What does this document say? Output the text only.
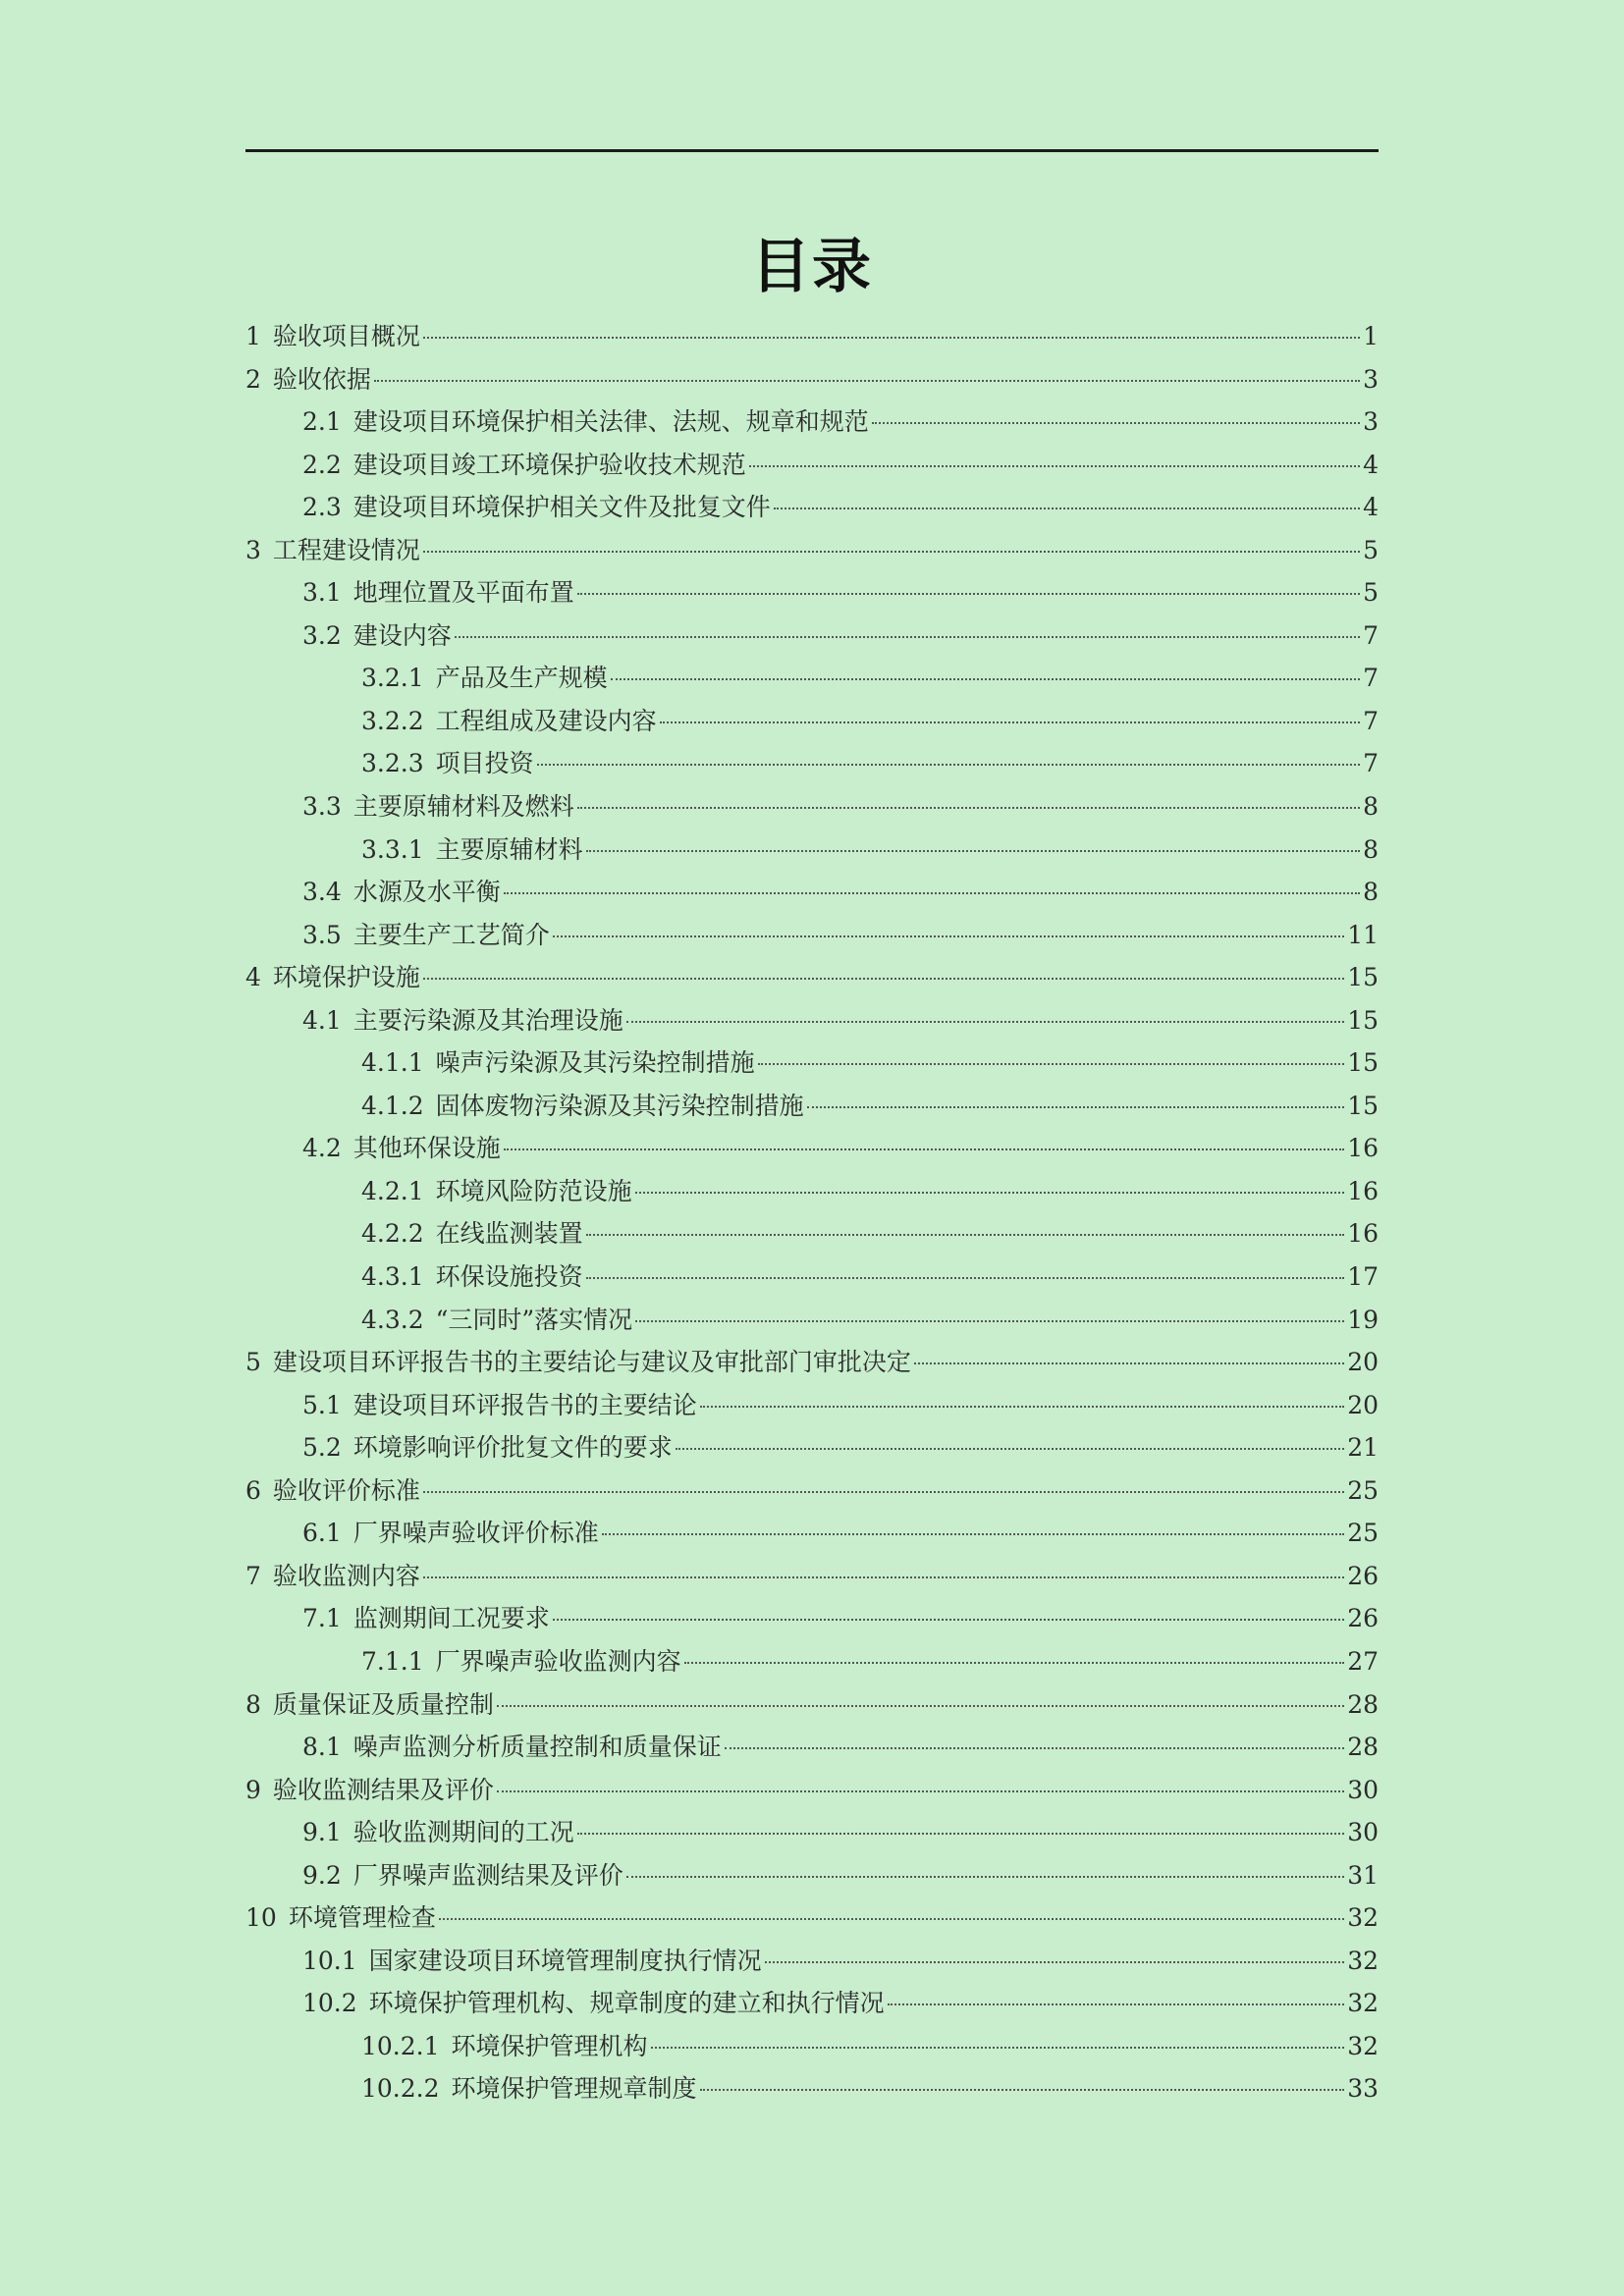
目录
1 验收项目概况	1
2 验收依据	3
2.1 建设项目环境保护相关法律、法规、规章和规范	3
2.2 建设项目竣工环境保护验收技术规范	4
2.3 建设项目环境保护相关文件及批复文件	4
3 工程建设情况	5
3.1 地理位置及平面布置	5
3.2 建设内容	7
3.2.1 产品及生产规模	7
3.2.2 工程组成及建设内容	7
3.2.3 项目投资	7
3.3 主要原辅材料及燃料	8
3.3.1 主要原辅材料	8
3.4 水源及水平衡	8
3.5 主要生产工艺简介	11
4 环境保护设施	15
4.1 主要污染源及其治理设施	15
4.1.1 噪声污染源及其污染控制措施	15
4.1.2 固体废物污染源及其污染控制措施	15
4.2 其他环保设施	16
4.2.1 环境风险防范设施	16
4.2.2 在线监测装置	16
4.3.1 环保设施投资	17
4.3.2 “三同时”落实情况	19
5 建设项目环评报告书的主要结论与建议及审批部门审批决定	20
5.1 建设项目环评报告书的主要结论	20
5.2 环境影响评价批复文件的要求	21
6 验收评价标准	25
6.1 厂界噪声验收评价标准	25
7 验收监测内容	26
7.1 监测期间工况要求	26
7.1.1 厂界噪声验收监测内容	27
8 质量保证及质量控制	28
8.1 噪声监测分析质量控制和质量保证	28
9 验收监测结果及评价	30
9.1 验收监测期间的工况	30
9.2 厂界噪声监测结果及评价	31
10 环境管理检查	32
10.1 国家建设项目环境管理制度执行情况	32
10.2 环境保护管理机构、规章制度的建立和执行情况	32
10.2.1 环境保护管理机构	32
10.2.2 环境保护管理规章制度	33
